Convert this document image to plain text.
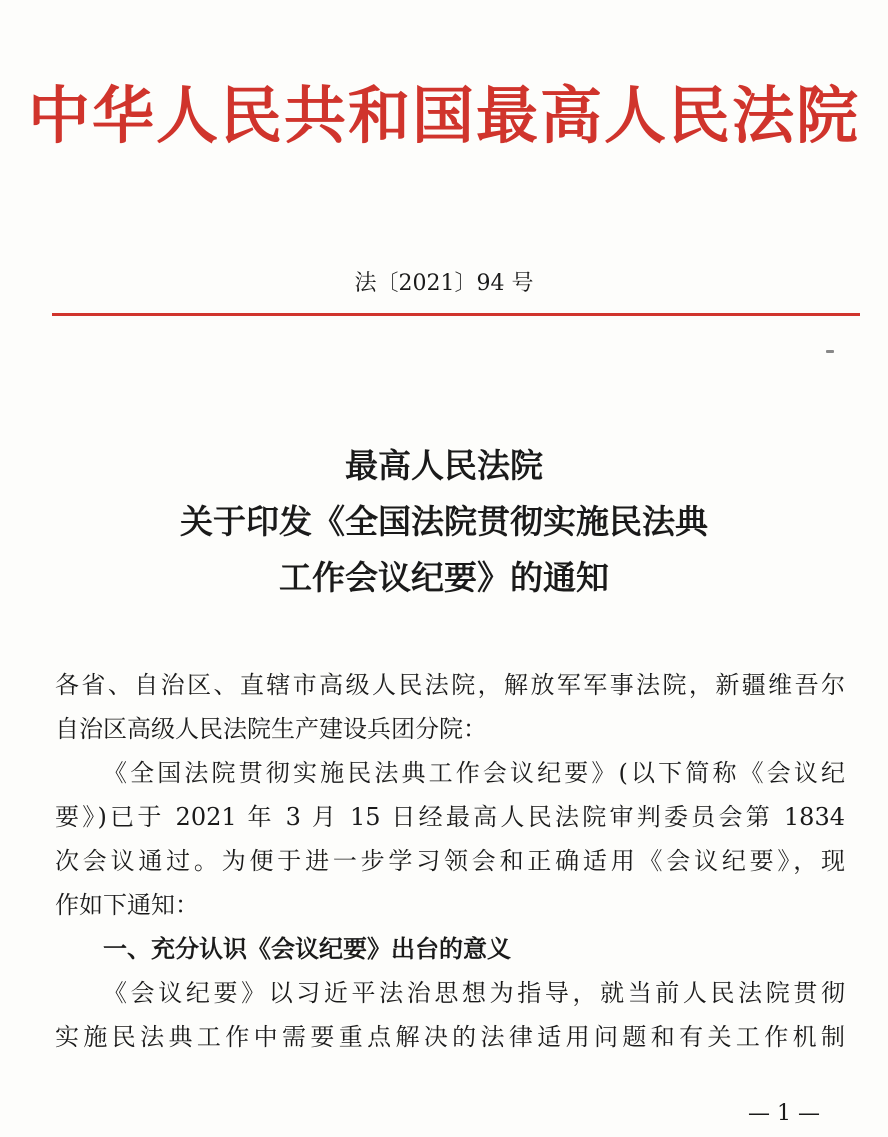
中华人民共和国最高人民法院
法〔2021〕94 号
最高人民法院
关于印发《全国法院贯彻实施民法典
工作会议纪要》的通知
各省、自治区、直辖市高级人民法院，解放军军事法院，新疆维吾尔
自治区高级人民法院生产建设兵团分院：
《全国法院贯彻实施民法典工作会议纪要》(以下简称《会议纪
要》)已于 2021 年 3 月 15 日经最高人民法院审判委员会第 1834
次会议通过。为便于进一步学习领会和正确适用《会议纪要》，现
作如下通知：
一、充分认识《会议纪要》出台的意义
《会议纪要》以习近平法治思想为指导，就当前人民法院贯彻
实施民法典工作中需要重点解决的法律适用问题和有关工作机制
— 1 —
